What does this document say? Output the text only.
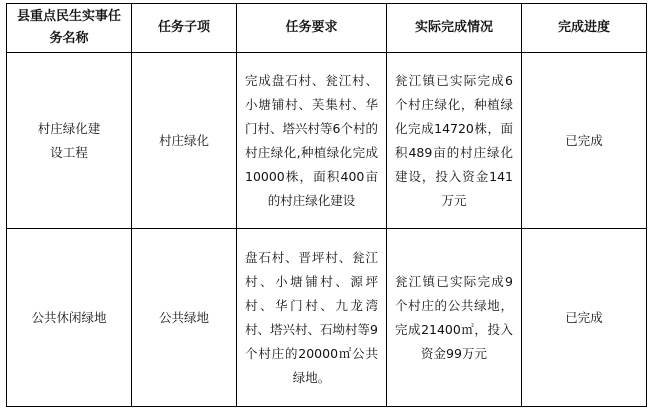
县重点民生实事任务名称	任务子项	任务要求	实际完成情况	完成进度

村庄绿化建设工程	村庄绿化	完成盘石村、瓮江村、小塘铺村、芙集村、华门村、塔兴村等6个村的村庄绿化,种植绿化完成10000株，面积400亩的村庄绿化建设	瓮江镇已实际完成6个村庄绿化，种植绿化完成14720株，面积489亩的村庄绿化建设，投入资金141万元	已完成

公共休闲绿地	公共绿地	盘石村、晋坪村、瓮江村、小塘铺村、源坪村、华门村、九龙湾村、塔兴村、石坳村等9个村庄的20000㎡公共绿地。	瓮江镇已实际完成9个村庄的公共绿地，完成21400㎡，投入资金99万元	已完成
